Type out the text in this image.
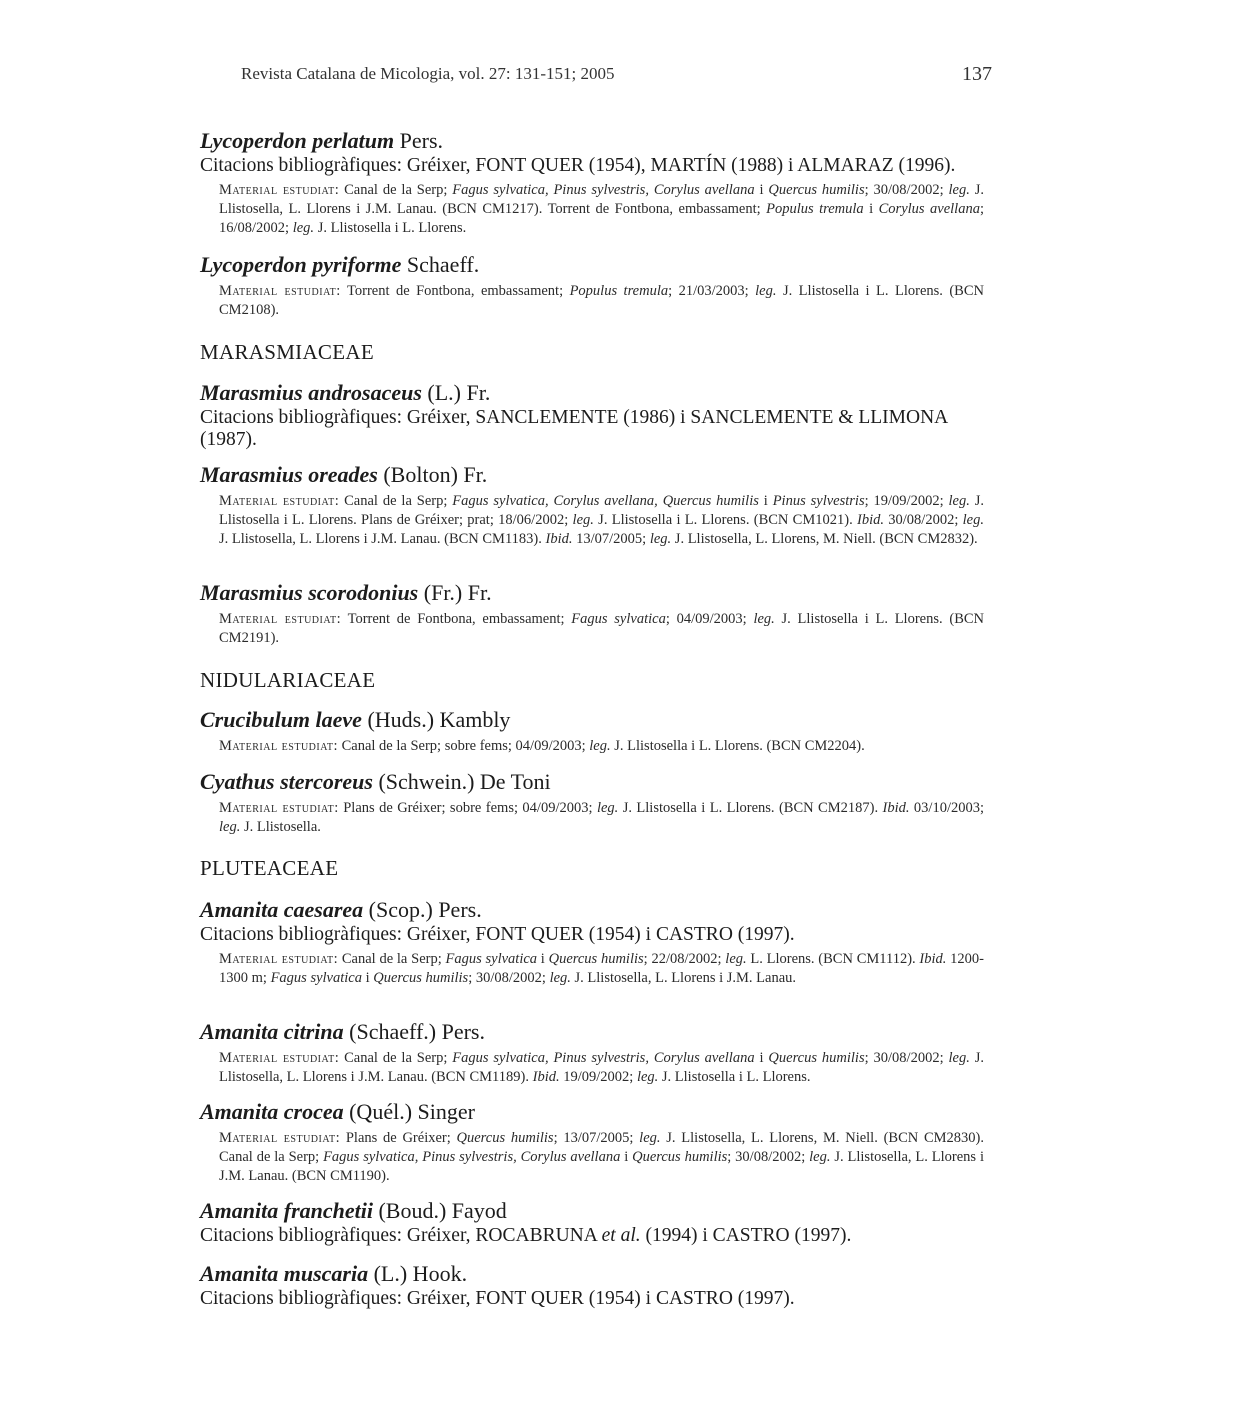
Revista Catalana de Micologia, vol. 27: 131-151; 2005	137

Lycoperdon perlatum Pers.

Citacions bibliogràfiques: Gréixer, FONT QUER (1954), MARTÍN (1988) i ALMARAZ (1996).

Material estudiat: Canal de la Serp; Fagus sylvatica, Pinus sylvestris, Corylus avellana i Quercus humilis; 30/08/2002; leg. J. Llistosella, L. Llorens i J.M. Lanau. (BCN CM1217). Torrent de Fontbona, embassament; Populus tremula i Corylus avellana; 16/08/2002; leg. J. Llistosella i L. Llorens.

Lycoperdon pyriforme Schaeff.

Material estudiat: Torrent de Fontbona, embassament; Populus tremula; 21/03/2003; leg. J. Llistosella i L. Llorens. (BCN CM2108).

MARASMIACEAE

Marasmius androsaceus (L.) Fr.

Citacions bibliogràfiques: Gréixer, SANCLEMENTE (1986) i SANCLEMENTE & LLIMONA (1987).

Marasmius oreades (Bolton) Fr.

Material estudiat: Canal de la Serp; Fagus sylvatica, Corylus avellana, Quercus humilis i Pinus sylvestris; 19/09/2002; leg. J. Llistosella i L. Llorens. Plans de Gréixer; prat; 18/06/2002; leg. J. Llistosella i L. Llorens. (BCN CM1021). Ibid. 30/08/2002; leg. J. Llistosella, L. Llorens i J.M. Lanau. (BCN CM1183). Ibid. 13/07/2005; leg. J. Llistosella, L. Llorens, M. Niell. (BCN CM2832).

Marasmius scorodonius (Fr.) Fr.

Material estudiat: Torrent de Fontbona, embassament; Fagus sylvatica; 04/09/2003; leg. J. Llistosella i L. Llorens. (BCN CM2191).

NIDULARIACEAE

Crucibulum laeve (Huds.) Kambly

Material estudiat: Canal de la Serp; sobre fems; 04/09/2003; leg. J. Llistosella i L. Llorens. (BCN CM2204).

Cyathus stercoreus (Schwein.) De Toni

Material estudiat: Plans de Gréixer; sobre fems; 04/09/2003; leg. J. Llistosella i L. Llorens. (BCN CM2187). Ibid. 03/10/2003; leg. J. Llistosella.

PLUTEACEAE

Amanita caesarea (Scop.) Pers.

Citacions bibliogràfiques: Gréixer, FONT QUER (1954) i CASTRO (1997).

Material estudiat: Canal de la Serp; Fagus sylvatica i Quercus humilis; 22/08/2002; leg. L. Llorens. (BCN CM1112). Ibid. 1200-1300 m; Fagus sylvatica i Quercus humilis; 30/08/2002; leg. J. Llistosella, L. Llorens i J.M. Lanau.

Amanita citrina (Schaeff.) Pers.

Material estudiat: Canal de la Serp; Fagus sylvatica, Pinus sylvestris, Corylus avellana i Quercus humilis; 30/08/2002; leg. J. Llistosella, L. Llorens i J.M. Lanau. (BCN CM1189). Ibid. 19/09/2002; leg. J. Llistosella i L. Llorens.

Amanita crocea (Quél.) Singer

Material estudiat: Plans de Gréixer; Quercus humilis; 13/07/2005; leg. J. Llistosella, L. Llorens, M. Niell. (BCN CM2830). Canal de la Serp; Fagus sylvatica, Pinus sylvestris, Corylus avellana i Quercus humilis; 30/08/2002; leg. J. Llistosella, L. Llorens i J.M. Lanau. (BCN CM1190).

Amanita franchetii (Boud.) Fayod

Citacions bibliogràfiques: Gréixer, ROCABRUNA et al. (1994) i CASTRO (1997).

Amanita muscaria (L.) Hook.

Citacions bibliogràfiques: Gréixer, FONT QUER (1954) i CASTRO (1997).
